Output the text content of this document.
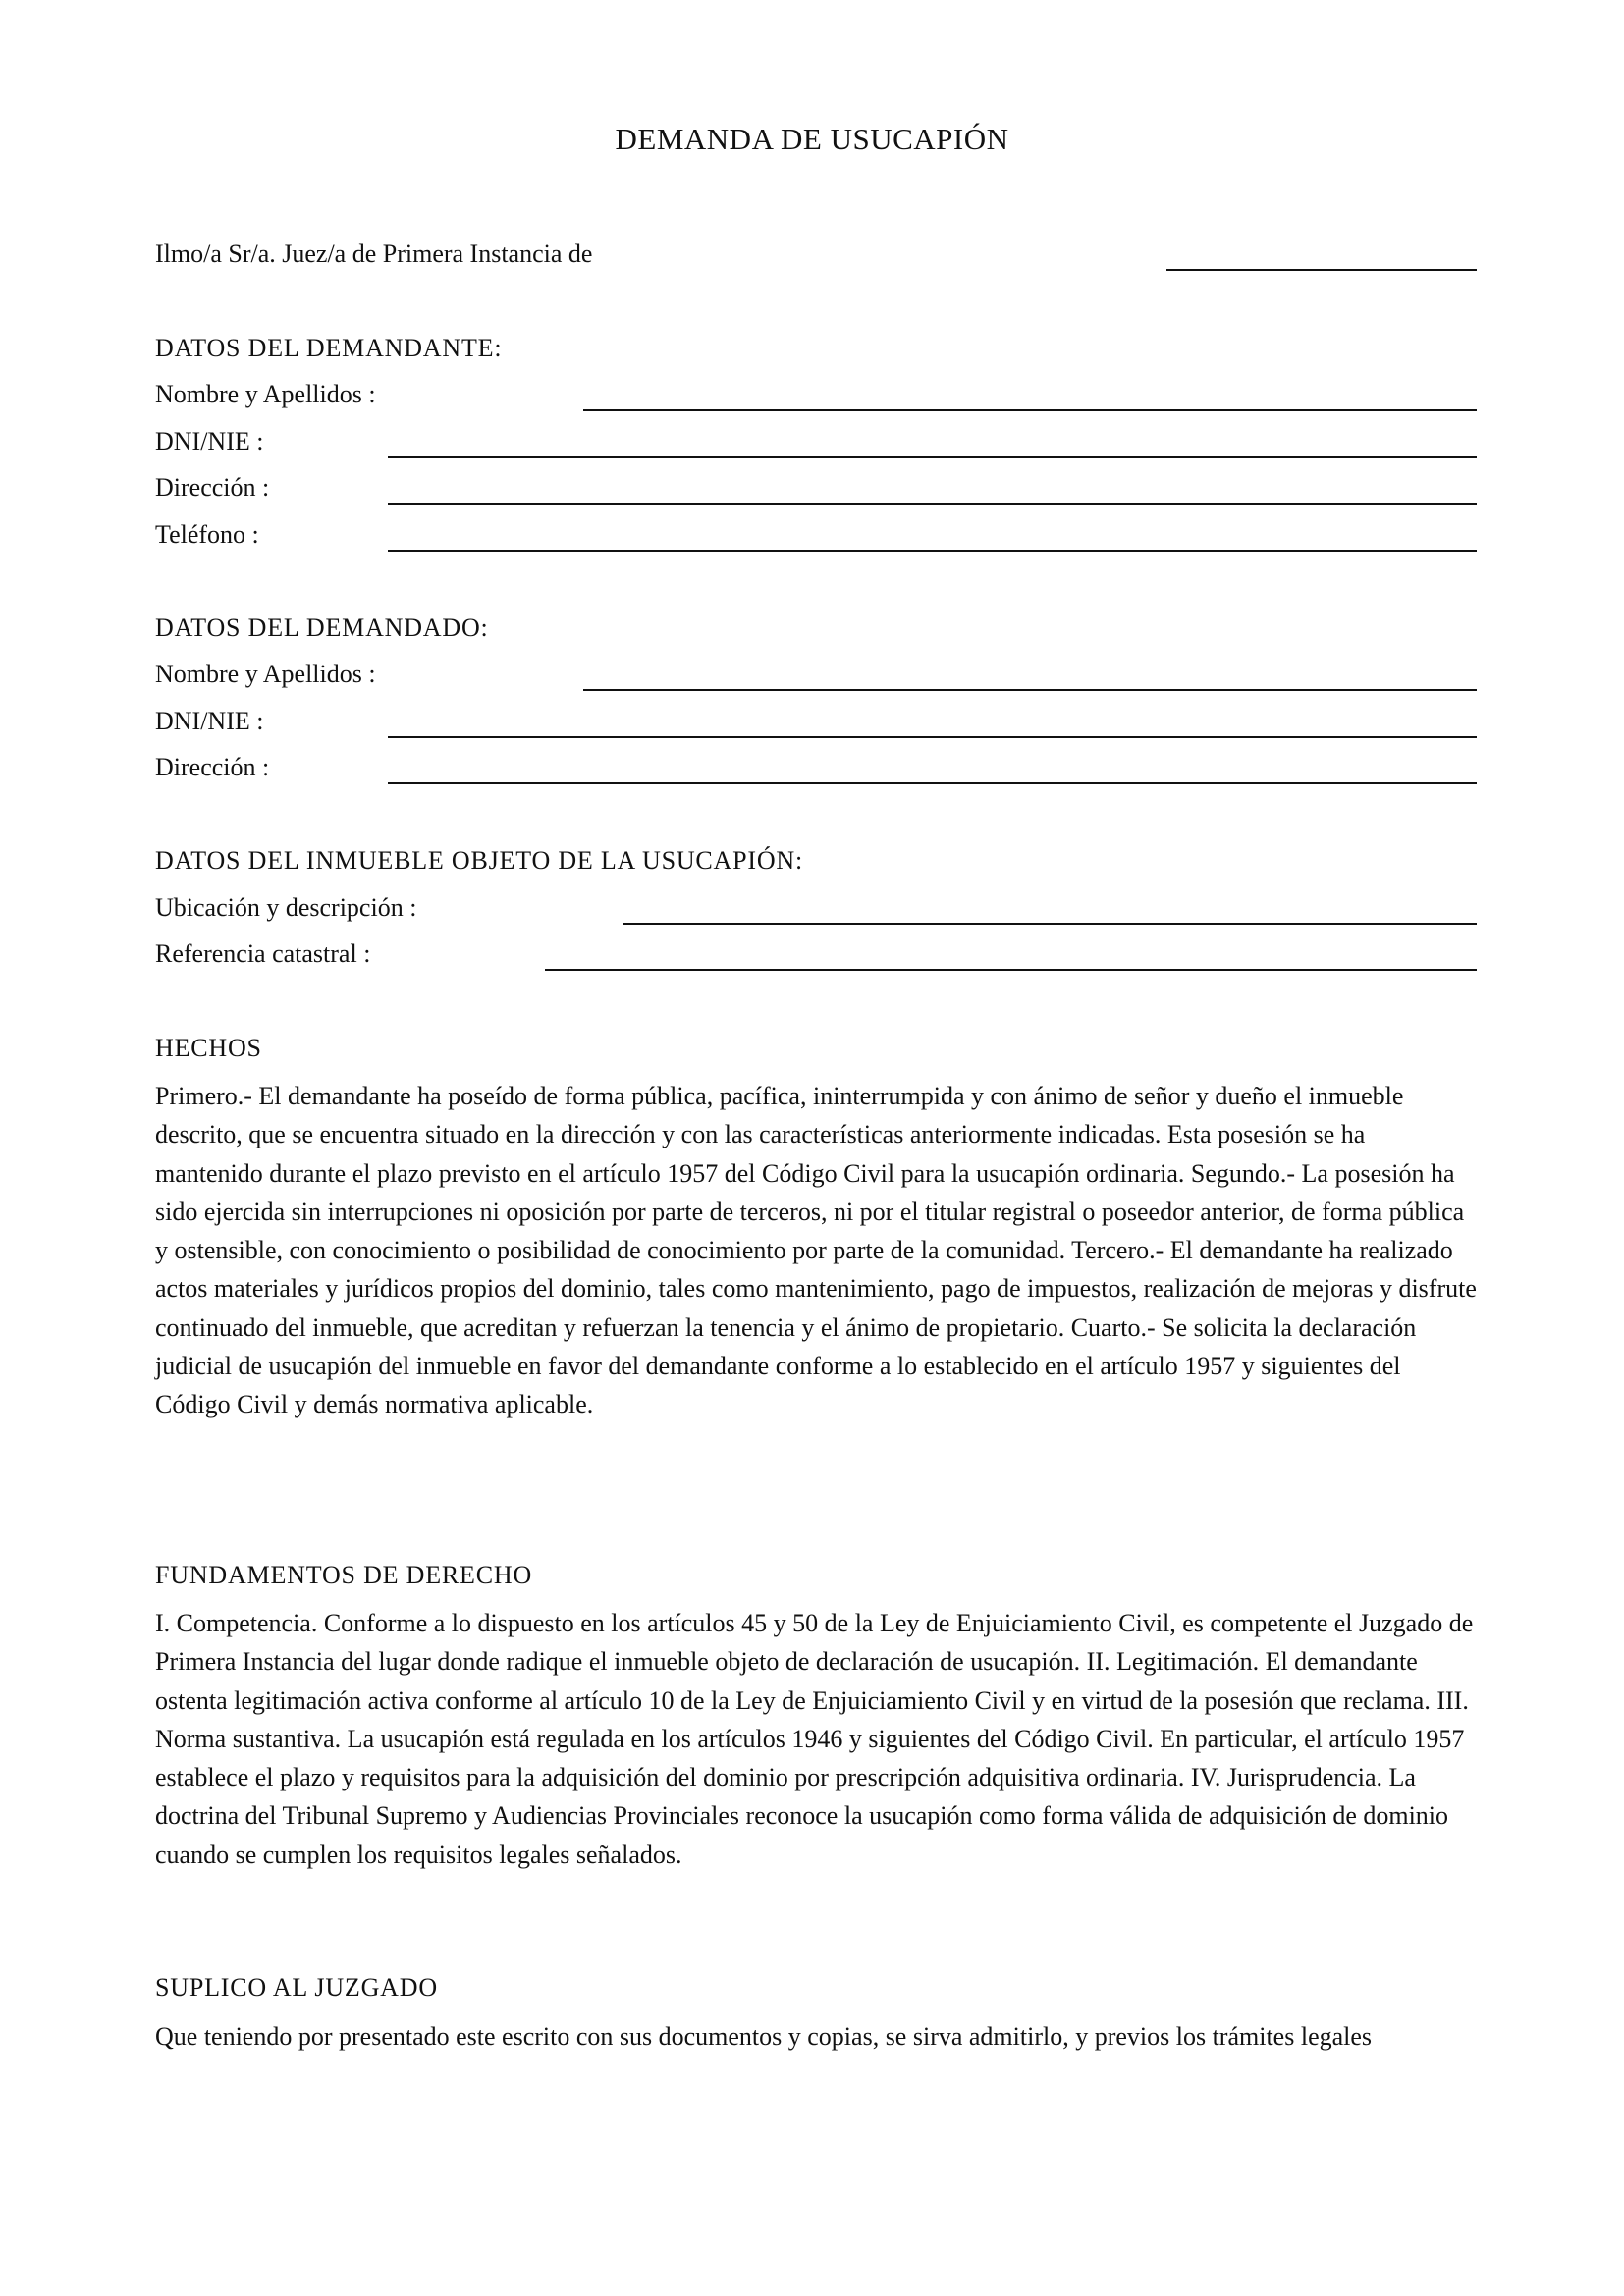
DEMANDA DE USUCAPIÓN
Ilmo/a Sr/a. Juez/a de Primera Instancia de
DATOS DEL DEMANDANTE:
Nombre y Apellidos :
DNI/NIE :
Dirección :
Teléfono :
DATOS DEL DEMANDADO:
Nombre y Apellidos :
DNI/NIE :
Dirección :
DATOS DEL INMUEBLE OBJETO DE LA USUCAPIÓN:
Ubicación y descripción :
Referencia catastral :
HECHOS
Primero.- El demandante ha poseído de forma pública, pacífica, ininterrumpida y con ánimo de señor y dueño el inmueble descrito, que se encuentra situado en la dirección y con las características anteriormente indicadas. Esta posesión se ha mantenido durante el plazo previsto en el artículo 1957 del Código Civil para la usucapión ordinaria. Segundo.- La posesión ha sido ejercida sin interrupciones ni oposición por parte de terceros, ni por el titular registral o poseedor anterior, de forma pública y ostensible, con conocimiento o posibilidad de conocimiento por parte de la comunidad. Tercero.- El demandante ha realizado actos materiales y jurídicos propios del dominio, tales como mantenimiento, pago de impuestos, realización de mejoras y disfrute continuado del inmueble, que acreditan y refuerzan la tenencia y el ánimo de propietario. Cuarto.- Se solicita la declaración judicial de usucapión del inmueble en favor del demandante conforme a lo establecido en el artículo 1957 y siguientes del Código Civil y demás normativa aplicable.
FUNDAMENTOS DE DERECHO
I. Competencia. Conforme a lo dispuesto en los artículos 45 y 50 de la Ley de Enjuiciamiento Civil, es competente el Juzgado de Primera Instancia del lugar donde radique el inmueble objeto de declaración de usucapión. II. Legitimación. El demandante ostenta legitimación activa conforme al artículo 10 de la Ley de Enjuiciamiento Civil y en virtud de la posesión que reclama. III. Norma sustantiva. La usucapión está regulada en los artículos 1946 y siguientes del Código Civil. En particular, el artículo 1957 establece el plazo y requisitos para la adquisición del dominio por prescripción adquisitiva ordinaria. IV. Jurisprudencia. La doctrina del Tribunal Supremo y Audiencias Provinciales reconoce la usucapión como forma válida de adquisición de dominio cuando se cumplen los requisitos legales señalados.
SUPLICO AL JUZGADO
Que teniendo por presentado este escrito con sus documentos y copias, se sirva admitirlo, y previos los trámites legales
